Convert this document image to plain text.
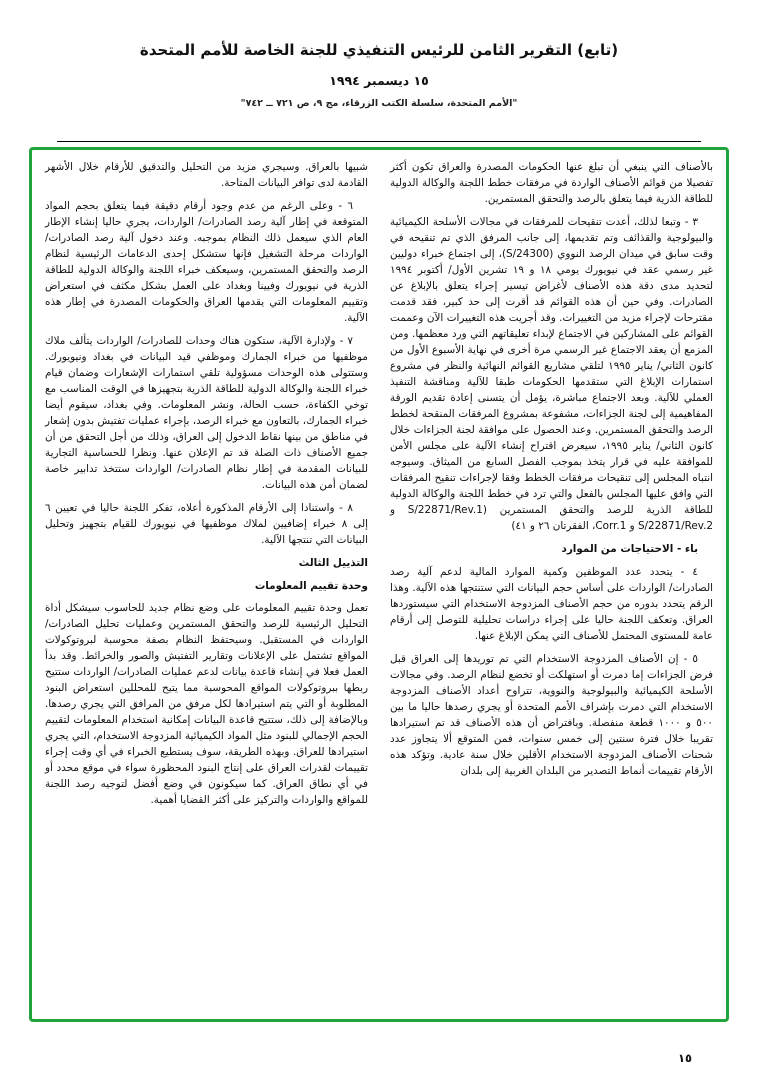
(تابع) التقرير الثامن للرئيس التنفيذي للجنة الخاصة للأمم المتحدة
١٥ ديسمبر ١٩٩٤
"الأمم المتحدة، سلسلة الكتب الزرقاء، مج ٩، ص ٧٢١ ــ ٧٤٢"

بالأصناف التي ينبغي أن تبلغ عنها الحكومات المصدرة والعراق تكون أكثر تفصيلا من قوائم الأصناف الواردة في مرفقات خطط اللجنة والوكالة الدولية للطاقة الذرية فيما يتعلق بالرصد والتحقق المستمرين.

٣ - وتبعا لذلك، أعدت تنقيحات للمرفقات في مجالات الأسلحة الكيميائية والبيولوجية والقذائف وتم تقديمها، إلى جانب المرفق الذي تم تنقيحه في وقت سابق في ميدان الرصد النووي (S/24300)، إلى اجتماع خبراء دوليين غير رسمي عقد في نيويورك يومي ١٨ و ١٩ تشرين الأول/ أكتوبر ١٩٩٤ لتحديد مدى دقة هذه الأصناف لأغراض تيسير إجراء يتعلق بالإبلاغ عن الصادرات. وفي حين أن هذه القوائم قد أقرت إلى حد كبير، فقد قدمت مقترحات لإجراء مزيد من التغييرات. وقد أجريت هذه التغييرات الآن وعممت القوائم على المشاركين في الاجتماع لإبداء تعليقاتهم التي ورد معظمها. ومن المزمع أن يعقد الاجتماع غير الرسمي مرة أخرى في نهاية الأسبوع الأول من كانون الثاني/ يناير ١٩٩٥ لتلقي مشاريع القوائم النهائية والنظر في مشروع استمارات الإبلاغ التي ستقدمها الحكومات طبقا للآلية ومناقشة التنفيذ العملي للآلية. وبعد الاجتماع مباشرة، يؤمل أن يتسنى إعادة تقديم الورقة المفاهيمية إلى لجنة الجزاءات، مشفوعة بمشروع المرفقات المنقحة لخطط الرصد والتحقق المستمرين. وعند الحصول على موافقة لجنة الجزاءات خلال كانون الثاني/ يناير ١٩٩٥، سيعرض اقتراح إنشاء الآلية على مجلس الأمن للموافقة عليه في قرار يتخذ بموجب الفصل السابع من الميثاق. وسيوجه انتباه المجلس إلى تنقيحات مرفقات الخطط وفقا لإجراءات تنقيح المرفقات التي وافق عليها المجلس بالفعل والتي ترد في خطط اللجنة والوكالة الدولية للطاقة الذرية للرصد والتحقق المستمرين (S/22871/Rev.1 و S/22871/Rev.2 و Corr.1، الفقرتان ٢٦ و ٤١)

باء - الاحتياجات من الموارد

٤ - يتحدد عدد الموظفين وكمية الموارد المالية لدعم آلية رصد الصادرات/ الواردات على أساس حجم البيانات التي ستنتجها هذه الآلية. وهذا الرقم يتحدد بدوره من حجم الأصناف المزدوجة الاستخدام التي سيستوردها العراق. وتعكف اللجنة حاليا على إجراء دراسات تحليلية للتوصل إلى أرقام عامة للمستوى المحتمل للأصناف التي يمكن الإبلاغ عنها.

٥ - إن الأصناف المزدوجة الاستخدام التي تم توريدها إلى العراق قبل فرض الجزاءات إما دمرت أو استهلكت أو تخضع لنظام الرصد. وفي مجالات الأسلحة الكيميائية والبيولوجية والنووية، تتراوح أعداد الأصناف المزدوجة الاستخدام التي دمرت بإشراف الأمم المتحدة أو يجري رصدها حاليا ما بين ٥٠٠ و ١٠٠٠ قطعة منفصلة. وبافتراض أن هذه الأصناف قد تم استيرادها تقريبا خلال فترة سنتين إلى خمس سنوات، فمن المتوقع ألا يتجاوز عدد شحنات الأصناف المزدوجة الاستخدام الأقلين خلال سنة عادية. وتؤكد هذه الأرقام تقييمات أنماط التصدير من البلدان الغربية إلى بلدان

شبيها بالعراق. وسيجري مزيد من التحليل والتدقيق للأرقام خلال الأشهر القادمة لدى توافر البيانات المتاحة.

٦ - وعلى الرغم من عدم وجود أرقام دقيقة فيما يتعلق بحجم المواد المتوقعة في إطار آلية رصد الصادرات/ الواردات، يجري حاليا إنشاء الإطار العام الذي سيعمل ذلك النظام بموجبه. وعند دخول آلية رصد الصادرات/ الواردات مرحلة التشغيل فإنها ستشكل إحدى الدعامات الرئيسية لنظام الرصد والتحقق المستمرين، وسيعكف خبراء اللجنة والوكالة الدولية للطاقة الذرية في نيويورك وفيينا وبغداد على العمل بشكل مكثف في استعراض وتقييم المعلومات التي يقدمها العراق والحكومات المصدرة في إطار هذه الآلية.

٧ - ولإدارة الآلية، ستكون هناك وحدات للصادرات/ الواردات يتألف ملاك موظفيها من خبراء الجمارك وموظفي قيد البيانات في بغداد ونيويورك. وستتولى هذه الوحدات مسؤولية تلقي استمارات الإشعارات وضمان قيام خبراء اللجنة والوكالة الدولية للطاقة الذرية بتجهيزها في الوقت المناسب مع توخي الكفاءة، حسب الحالة، ونشر المعلومات. وفي بغداد، سيقوم أيضا خبراء الجمارك، بالتعاون مع خبراء الرصد، بإجراء عمليات تفتيش بدون إشعار في مناطق من بينها نقاط الدخول إلى العراق، وذلك من أجل التحقق من أن جميع الأصناف ذات الصلة قد تم الإعلان عنها. ونظرا للحساسية التجارية للبيانات المقدمة في إطار نظام الصادرات/ الواردات ستتخذ تدابير خاصة لضمان أمن هذه البيانات.

٨ - واستنادا إلى الأرقام المذكورة أعلاه، تفكر اللجنة حاليا في تعيين ٦ إلى ٨ خبراء إضافيين لملاك موظفيها في نيويورك للقيام بتجهيز وتحليل البيانات التي تنتجها الآلية.

التذييل الثالث

وحدة تقييم المعلومات

تعمل وحدة تقييم المعلومات على وضع نظام جديد للحاسوب سيشكل أداة التحليل الرئيسية للرصد والتحقق المستمرين وعمليات تحليل الصادرات/ الواردات في المستقبل. وسيحتفظ النظام بصفة محوسبة لبروتوكولات المواقع تشتمل على الإعلانات وتقارير التفتيش والصور والخرائط. وقد بدأ العمل فعلا في إنشاء قاعدة بيانات لدعم عمليات الصادرات/ الواردات ستتيح ربطها ببروتوكولات المواقع المحوسبة مما يتيح للمحللين استعراض البنود المطلوبة أو التي يتم استيرادها لكل مرفق من المرافق التي يجري رصدها. وبالإضافة إلى ذلك، ستتيح قاعدة البيانات إمكانية استخدام المعلومات لتقييم الحجم الإجمالي للبنود مثل المواد الكيميائية المزدوجة الاستخدام، التي يجري استيرادها للعراق. وبهذه الطريقة، سوف يستطيع الخبراء في أي وقت إجراء تقييمات لقدرات العراق على إنتاج البنود المحظورة سواء في موقع محدد أو في أي نطاق العراق. كما سيكونون في وضع أفضل لتوجيه رصد اللجنة للمواقع والواردات والتركيز على أكثر القضايا أهمية.

١٥
